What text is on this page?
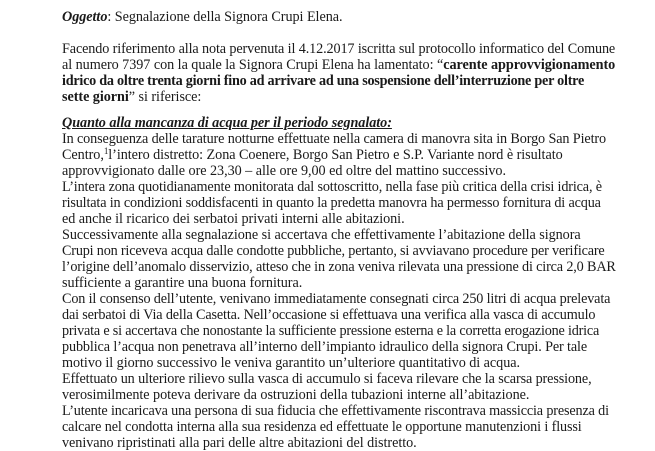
Oggetto: Segnalazione della Signora Crupi Elena.
Facendo riferimento alla nota pervenuta il 4.12.2017 iscritta sul protocollo informatico del Comune
al numero 7397 con la quale la Signora Crupi Elena ha lamentato: “carente approvvigionamento
idrico da oltre trenta giorni fino ad arrivare ad una sospensione dell’interruzione per oltre
sette giorni” si riferisce:
Quanto alla mancanza di acqua per il periodo segnalato:
In conseguenza delle tarature notturne effettuate nella camera di manovra sita in Borgo San Pietro
Centro,$^1$l’intero distretto: Zona Coenere, Borgo San Pietro e S.P. Variante nord è risultato
approvvigionato dalle ore 23,30 – alle ore 9,00 ed oltre del mattino successivo.
L’intera zona quotidianamente monitorata dal sottoscritto, nella fase più critica della crisi idrica, è
risultata in condizioni soddisfacenti in quanto la predetta manovra ha permesso fornitura di acqua
ed anche il ricarico dei serbatoi privati interni alle abitazioni.
Successivamente alla segnalazione si accertava che effettivamente l’abitazione della signora
Crupi non riceveva acqua dalle condotte pubbliche, pertanto, si avviavano procedure per verificare
l’origine dell’anomalo disservizio, atteso che in zona veniva rilevata una pressione di circa 2,0 BAR
sufficiente a garantire una buona fornitura.
Con il consenso dell’utente, venivano immediatamente consegnati circa 250 litri di acqua prelevata
dai serbatoi di Via della Casetta. Nell’occasione si effettuava una verifica alla vasca di accumulo
privata e si accertava che nonostante la sufficiente pressione esterna e la corretta erogazione idrica
pubblica l’acqua non penetrava all’interno dell’impianto idraulico della signora Crupi. Per tale
motivo il giorno successivo le veniva garantito un’ulteriore quantitativo di acqua.
Effettuato un ulteriore rilievo sulla vasca di accumulo si faceva rilevare che la scarsa pressione,
verosimilmente poteva derivare da ostruzioni della tubazioni interne all’abitazione.
L’utente incaricava una persona di sua fiducia che effettivamente riscontrava massiccia presenza di
calcare nel condotta interna alla sua residenza ed effettuate le opportune manutenzioni i flussi
venivano ripristinati alla pari delle altre abitazioni del distretto.
